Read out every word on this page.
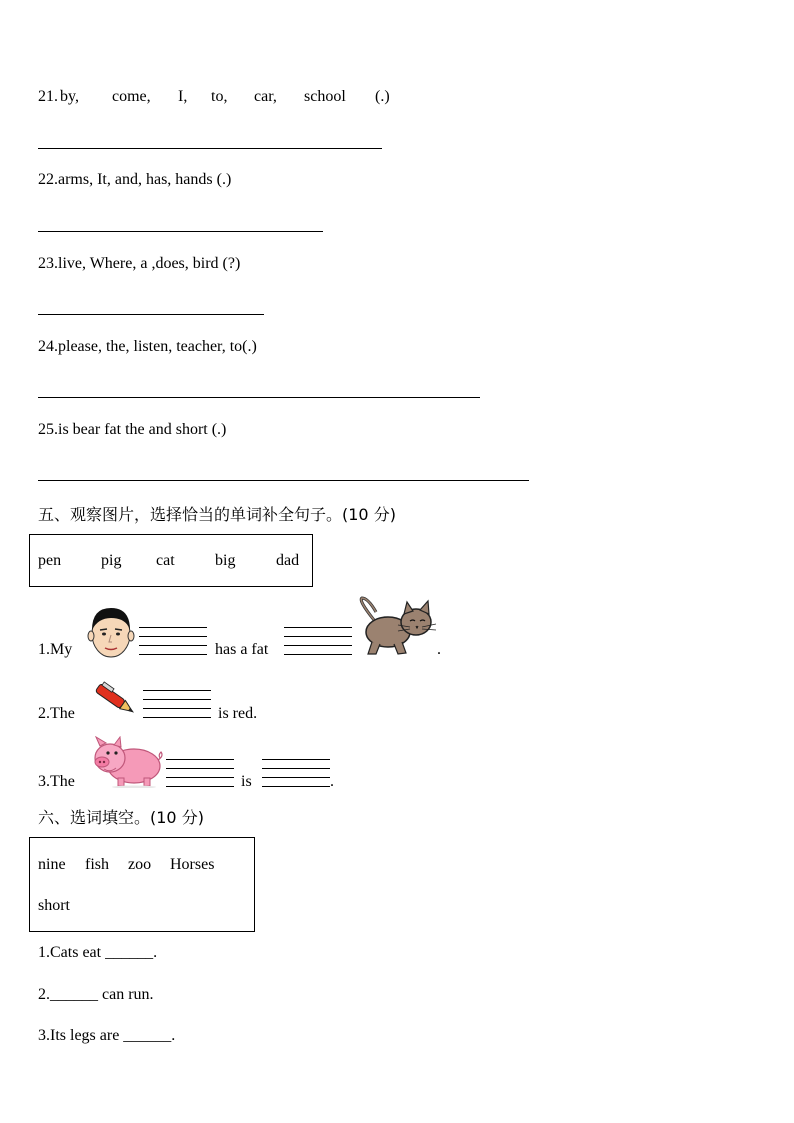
21. by, come, I, to, car, school (.)
22.arms, It, and, has, hands (.)
23.live, Where, a ,does, bird (?)
24.please, the, listen, teacher, to(.)
25.is bear fat the and short (.)
五、观察图片，选择恰当的单词补全句子。(10 分)
pen pig cat	big	dad
1.My	has a fat	.
2.The	is red.
3.The	is	.
六、选词填空。(10 分)
nine fish zoo Horses
short
1.Cats eat ______.
2.______ can run.
3.Its legs are ______.
